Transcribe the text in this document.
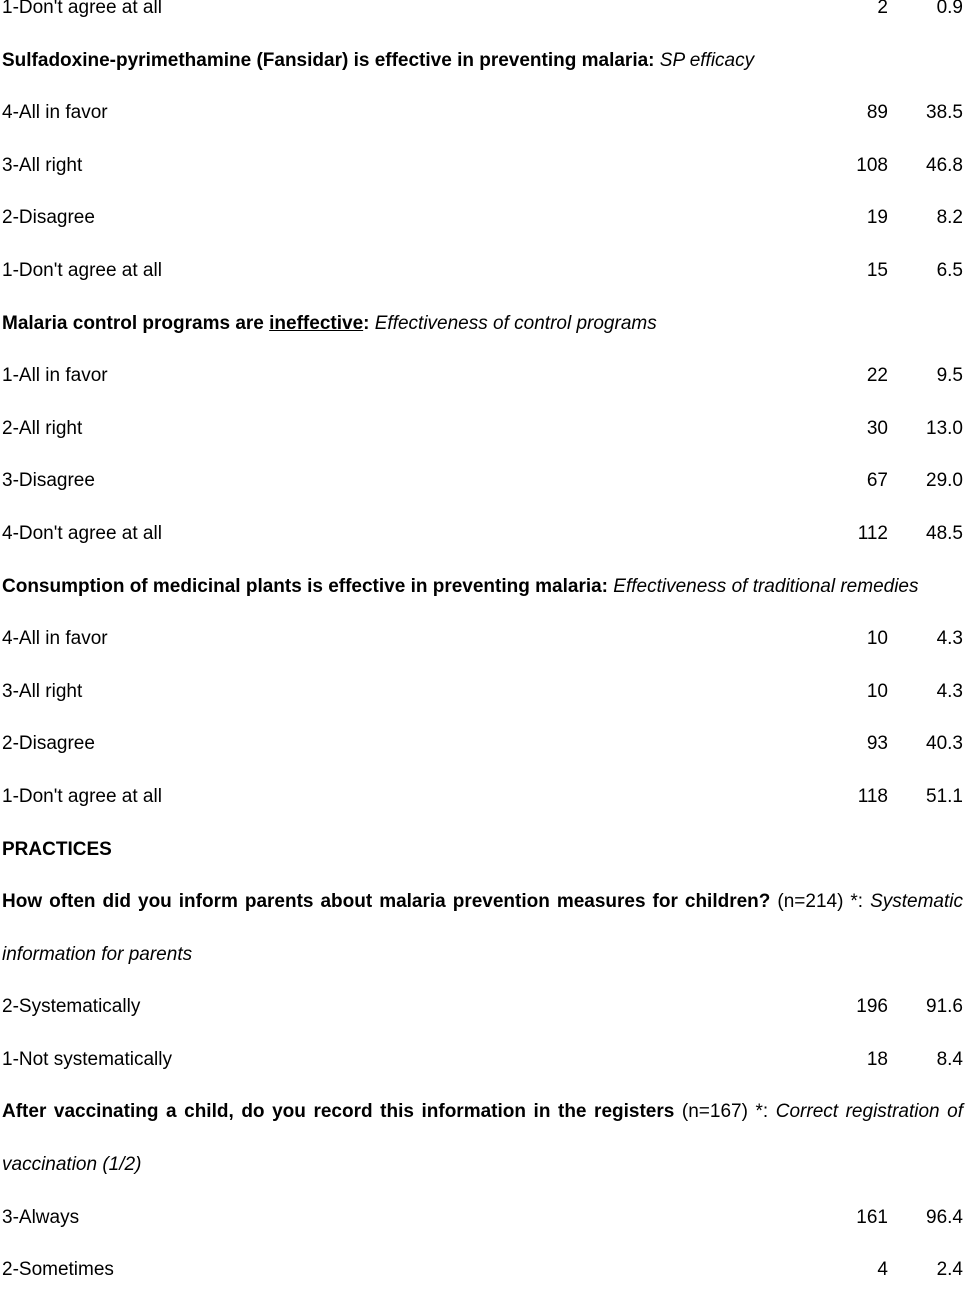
1-Don't agree at all	2	0.9
Sulfadoxine-pyrimethamine (Fansidar) is effective in preventing malaria: SP efficacy
4-All in favor	89 38.5
3-All right	108 46.8
2-Disagree	19	8.2
1-Don't agree at all	15	6.5
Malaria control programs are ineffective: Effectiveness of control programs
1-All in favor	22	9.5
2-All right	30 13.0
3-Disagree	67 29.0
4-Don't agree at all	112 48.5
Consumption of medicinal plants is effective in preventing malaria: Effectiveness of traditional remedies
4-All in favor	10	4.3
3-All right	10	4.3
2-Disagree	93 40.3
1-Don't agree at all	118 51.1
PRACTICES
How often did you inform parents about malaria prevention measures for children? (n=214) *: Systematic
information for parents
2-Systematically	196 91.6
1-Not systematically	18	8.4
After vaccinating a child, do you record this information in the registers (n=167) *: Correct registration of
vaccination (1/2)
3-Always	161 96.4
2-Sometimes	4	2.4
